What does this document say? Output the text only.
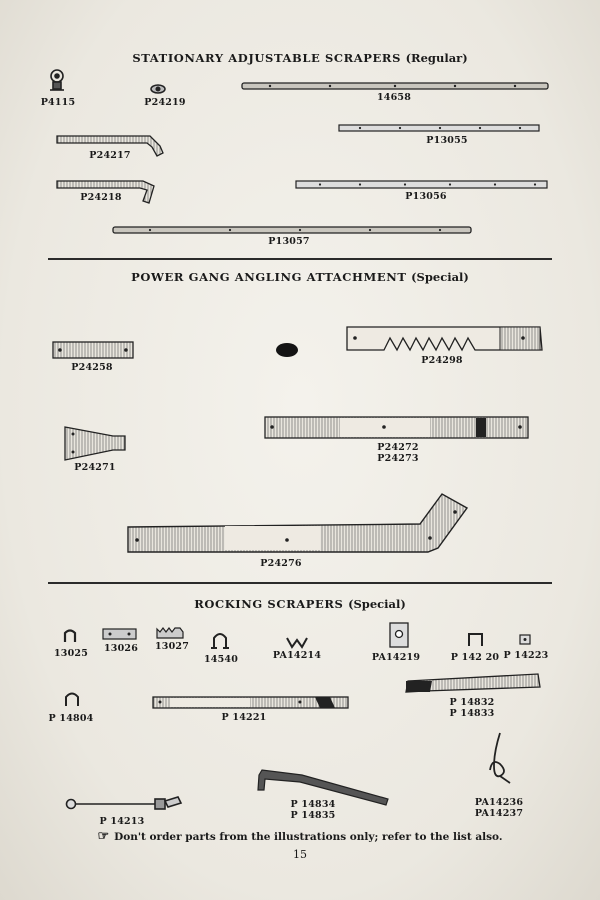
STATIONARY ADJUSTABLE SCRAPERS (Regular)
POWER GANG ANGLING ATTACHMENT (Special)
ROCKING SCRAPERS (Special)
P4115	P24219	14658
P24217
P13055
P24218	P13056
P13057
P24258
P24298
P24271
P24272
P24273
P24276
13025 13026 13027
14540	PA14214	PA14219	P 142 20 P 14223
P 14804	P 14221
P 14832
P 14833
P 14213
P 14834
P 14835
PA14236
PA14237
☞ Don't order parts from the illustrations only; refer to the list also.
15
